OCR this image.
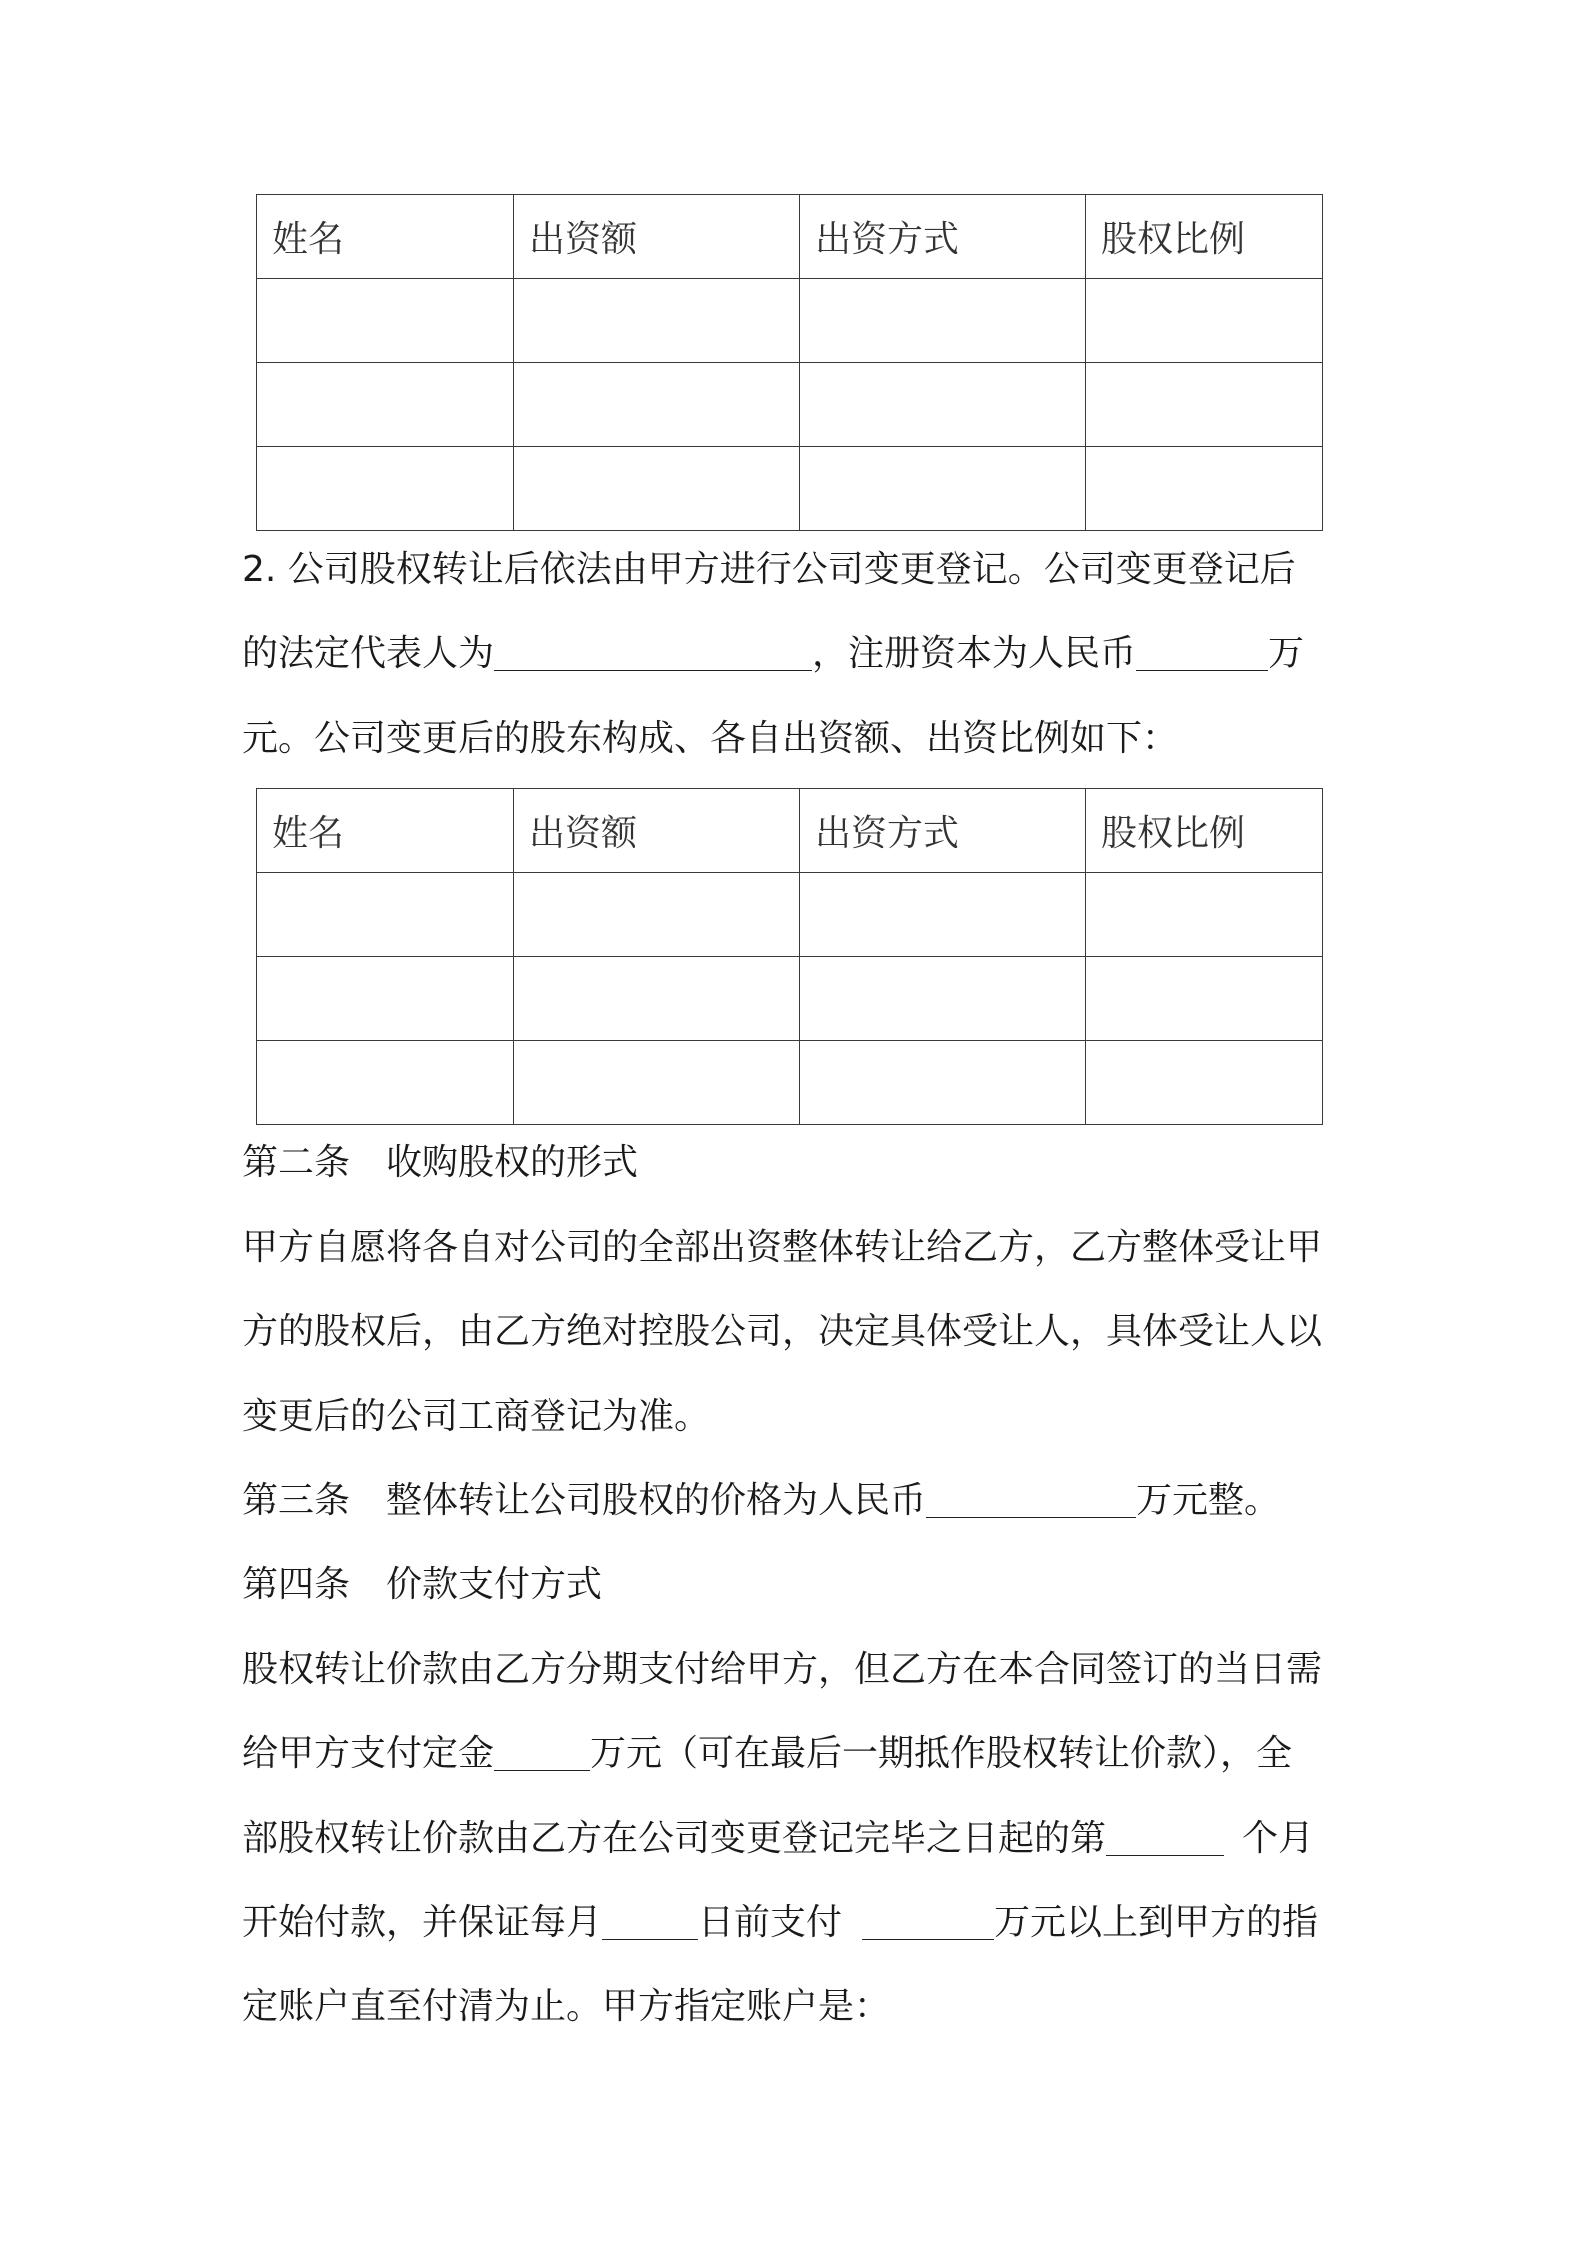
姓名	出资额	出资方式	股权比例

2. 公司股权转让后依法由甲方进行公司变更登记。公司变更登记后
的法定代表人为	，注册资本为人民币	万
元。公司变更后的股东构成、各自出资额、出资比例如下：
姓名	出资额	出资方式	股权比例

第二条 收购股权的形式
甲方自愿将各自对公司的全部出资整体转让给乙方，乙方整体受让甲
方的股权后，由乙方绝对控股公司，决定具体受让人，具体受让人以
变更后的公司工商登记为准。
第三条 整体转让公司股权的价格为人民币	万元整。
第四条 价款支付方式
股权转让价款由乙方分期支付给甲方，但乙方在本合同签订的当日需
给甲方支付定金	万元（可在最后一期抵作股权转让价款），全
部股权转让价款由乙方在公司变更登记完毕之日起的第	个月
开始付款，并保证每月	日前支付	万元以上到甲方的指
定账户直至付清为止。甲方指定账户是：
